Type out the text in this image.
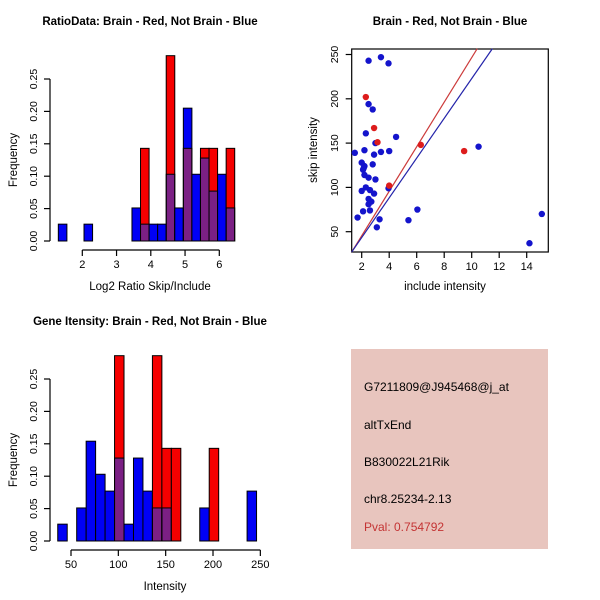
RatioData: Brain - Red, Not Brain - Blue
0.00
0.05
0.10
0.15
0.20
0.25
2	3	4	5	6
Log2 Ratio Skip/Include
Frequency
Brain - Red, Not Brain - Blue
2 4 6 8 10 12 14
50
100
150
200
250
include intensity
skip intensity
Gene Itensity: Brain - Red, Not Brain - Blue
0.00
0.05
0.10
0.15
0.20
0.25
50	100	150	200	250
Intensity
Frequency
G7211809@J945468@j_at
altTxEnd
B830022L21Rik
chr8.25234-2.13
Pval: 0.754792
